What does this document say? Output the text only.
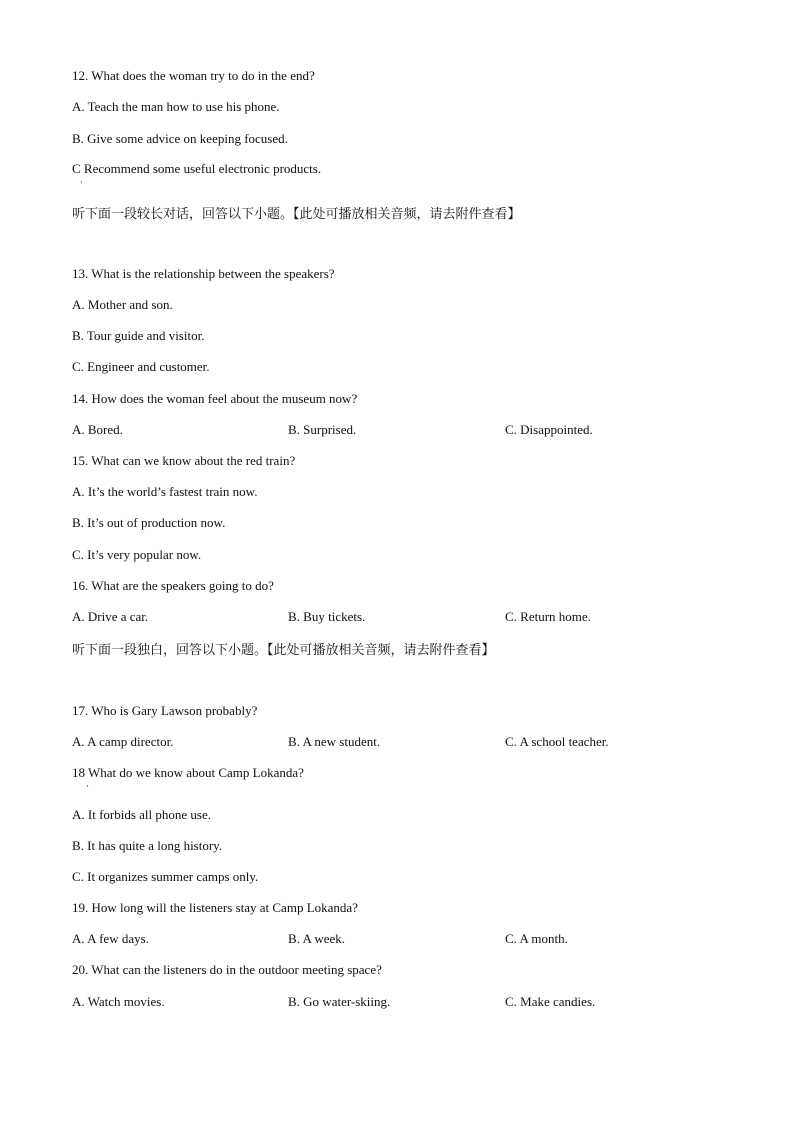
12. What does the woman try to do in the end?
A. Teach the man how to use his phone.
B. Give some advice on keeping focused.
C Recommend some useful electronic products.
·
听下面一段较长对话，回答以下小题。【此处可播放相关音频，请去附件查看】
13. What is the relationship between the speakers?
A. Mother and son.
B. Tour guide and visitor.
C. Engineer and customer.
14. How does the woman feel about the museum now?
A. Bored.	B. Surprised.	C. Disappointed.
15. What can we know about the red train?
A. It’s the world’s fastest train now.
B. It’s out of production now.
C. It’s very popular now.
16. What are the speakers going to do?
A. Drive a car.	B. Buy tickets.	C. Return home.
听下面一段独白，回答以下小题。【此处可播放相关音频，请去附件查看】
17. Who is Gary Lawson probably?
A. A camp director.	B. A new student.	C. A school teacher.
18 What do we know about Camp Lokanda?
·
A. It forbids all phone use.
B. It has quite a long history.
C. It organizes summer camps only.
19. How long will the listeners stay at Camp Lokanda?
A. A few days.	B. A week.	C. A month.
20. What can the listeners do in the outdoor meeting space?
A. Watch movies.	B. Go water-skiing.	C. Make candies.
